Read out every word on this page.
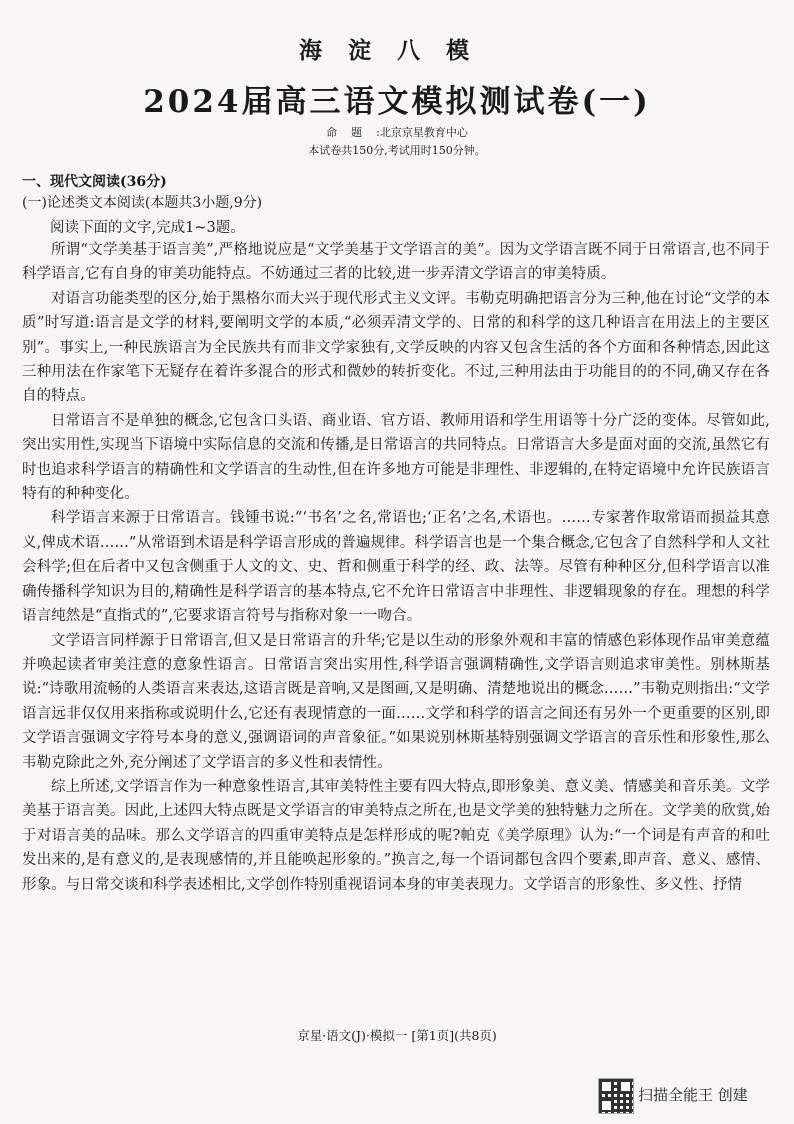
海淀八模
2024届高三语文模拟测试卷(一)
命题:北京京星教育中心
本试卷共150分,考试用时150分钟。
一、现代文阅读(36分)
(一)论述类文本阅读(本题共3小题,9分)
阅读下面的文字,完成1~3题。

所谓“文学美基于语言美”,严格地说应是“文学美基于文学语言的美”。因为文学语言既不同于日常语言,也不同于科学语言,它有自身的审美功能特点。不妨通过三者的比较,进一步弄清文学语言的审美特质。

对语言功能类型的区分,始于黑格尔而大兴于现代形式主义文评。韦勒克明确把语言分为三种,他在讨论“文学的本质”时写道:语言是文学的材料,要阐明文学的本质,“必须弄清文学的、日常的和科学的这几种语言在用法上的主要区别”。事实上,一种民族语言为全民族共有而非文学家独有,文学反映的内容又包含生活的各个方面和各种情态,因此这三种用法在作家笔下无疑存在着许多混合的形式和微妙的转折变化。不过,三种用法由于功能目的的不同,确又存在各自的特点。

日常语言不是单独的概念,它包含口头语、商业语、官方语、教师用语和学生用语等十分广泛的变体。尽管如此,突出实用性,实现当下语境中实际信息的交流和传播,是日常语言的共同特点。日常语言大多是面对面的交流,虽然它有时也追求科学语言的精确性和文学语言的生动性,但在许多地方可能是非理性、非逻辑的,在特定语境中允许民族语言特有的种种变化。

科学语言来源于日常语言。钱锺书说:“‘书名’之名,常语也;‘正名’之名,术语也。……专家著作取常语而损益其意义,俾成术语……”从常语到术语是科学语言形成的普遍规律。科学语言也是一个集合概念,它包含了自然科学和人文社会科学;但在后者中又包含侧重于人文的文、史、哲和侧重于科学的经、政、法等。尽管有种种区分,但科学语言以准确传播科学知识为目的,精确性是科学语言的基本特点,它不允许日常语言中非理性、非逻辑现象的存在。理想的科学语言纯然是“直指式的”,它要求语言符号与指称对象一一吻合。

文学语言同样源于日常语言,但又是日常语言的升华;它是以生动的形象外观和丰富的情感色彩体现作品审美意蕴并唤起读者审美注意的意象性语言。日常语言突出实用性,科学语言强调精确性,文学语言则追求审美性。别林斯基说:“诗歌用流畅的人类语言来表达,这语言既是音响,又是图画,又是明确、清楚地说出的概念……”韦勒克则指出:“文学语言远非仅仅用来指称或说明什么,它还有表现情意的一面……文学和科学的语言之间还有另外一个更重要的区别,即文学语言强调文字符号本身的意义,强调语词的声音象征。”如果说别林斯基特别强调文学语言的音乐性和形象性,那么韦勒克除此之外,充分阐述了文学语言的多义性和表情性。

综上所述,文学语言作为一种意象性语言,其审美特性主要有四大特点,即形象美、意义美、情感美和音乐美。文学美基于语言美。因此,上述四大特点既是文学语言的审美特点之所在,也是文学美的独特魅力之所在。文学美的欣赏,始于对语言美的品味。那么文学语言的四重审美特点是怎样形成的呢?帕克《美学原理》认为:“一个词是有声音的和吐发出来的,是有意义的,是表现感情的,并且能唤起形象的。”换言之,每一个语词都包含四个要素,即声音、意义、感情、形象。与日常交谈和科学表述相比,文学创作特别重视语词本身的审美表现力。文学语言的形象性、多义性、抒情

京星·语文(J)·模拟一 [第1页](共8页)
扫描全能王 创建
